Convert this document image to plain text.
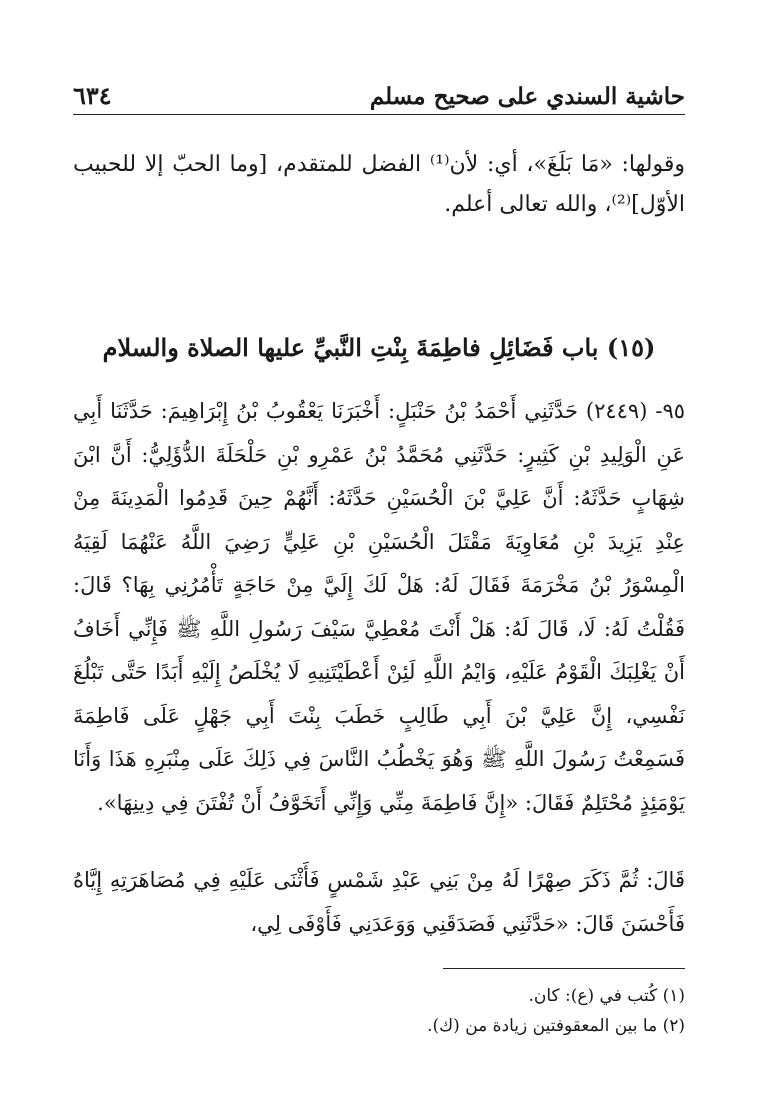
حاشية السندي على صحيح مسلم
٦٣٤

وقولها: «مَا بَلَغَ»، أي: لأن⁽¹⁾ الفضل للمتقدم، [وما الحبّ إلا للحبيب الأوّل]⁽²⁾، والله تعالى أعلم.

(١٥) باب فَضَائِلِ فاطِمَةَ بِنْتِ النَّبيِّ عليها الصلاة والسلام

٩٥- (٢٤٤٩) حَدَّثَنِي أَحْمَدُ بْنُ حَنْبَلٍ: أَخْبَرَنَا يَعْقُوبُ بْنُ إِبْرَاهِيمَ: حَدَّثَنَا أَبِي عَنِ الْوَلِيدِ بْنِ كَثِيرٍ: حَدَّثَنِي مُحَمَّدُ بْنُ عَمْرِو بْنِ حَلْحَلَةَ الدُّؤَلِيُّ: أَنَّ ابْنَ شِهَابٍ حَدَّثَهُ: أَنَّ عَلِيَّ بْنَ الْحُسَيْنِ حَدَّثَهُ: أَنَّهُمْ حِينَ قَدِمُوا الْمَدِينَةَ مِنْ عِنْدِ يَزِيدَ بْنِ مُعَاوِيَةَ مَقْتَلَ الْحُسَيْنِ بْنِ عَلِيٍّ رَضِيَ اللَّهُ عَنْهُمَا لَقِيَهُ الْمِسْوَرُ بْنُ مَخْرَمَةَ فَقَالَ لَهُ: هَلْ لَكَ إِلَيَّ مِنْ حَاجَةٍ تَأْمُرُنِي بِهَا؟ قَالَ: فَقُلْتُ لَهُ: لَا، قَالَ لَهُ: هَلْ أَنْتَ مُعْطِيَّ سَيْفَ رَسُولِ اللَّهِ ﷺ فَإِنِّي أَخَافُ أَنْ يَغْلِبَكَ الْقَوْمُ عَلَيْهِ، وَايْمُ اللَّهِ لَئِنْ أَعْطَيْتَنِيهِ لَا يُخْلَصُ إِلَيْهِ أَبَدًا حَتَّى تَبْلُغَ نَفْسِي، إِنَّ عَلِيَّ بْنَ أَبِي طَالِبٍ خَطَبَ بِنْتَ أَبِي جَهْلٍ عَلَى فَاطِمَةَ فَسَمِعْتُ رَسُولَ اللَّهِ ﷺ وَهُوَ يَخْطُبُ النَّاسَ فِي ذَلِكَ عَلَى مِنْبَرِهِ هَذَا وَأَنَا يَوْمَئِذٍ مُحْتَلِمٌ فَقَالَ: «إِنَّ فَاطِمَةَ مِنِّي وَإِنِّي أَتَخَوَّفُ أَنْ تُفْتَنَ فِي دِينِهَا».

قَالَ: ثُمَّ ذَكَرَ صِهْرًا لَهُ مِنْ بَنِي عَبْدِ شَمْسٍ فَأَثْنَى عَلَيْهِ فِي مُصَاهَرَتِهِ إِيَّاهُ فَأَحْسَنَ قَالَ: «حَدَّثَنِي فَصَدَقَنِي وَوَعَدَنِي فَأَوْفَى لِي،

(١) كُتب في (ع): كان.
(٢) ما بين المعقوفتين زيادة من (ك).
